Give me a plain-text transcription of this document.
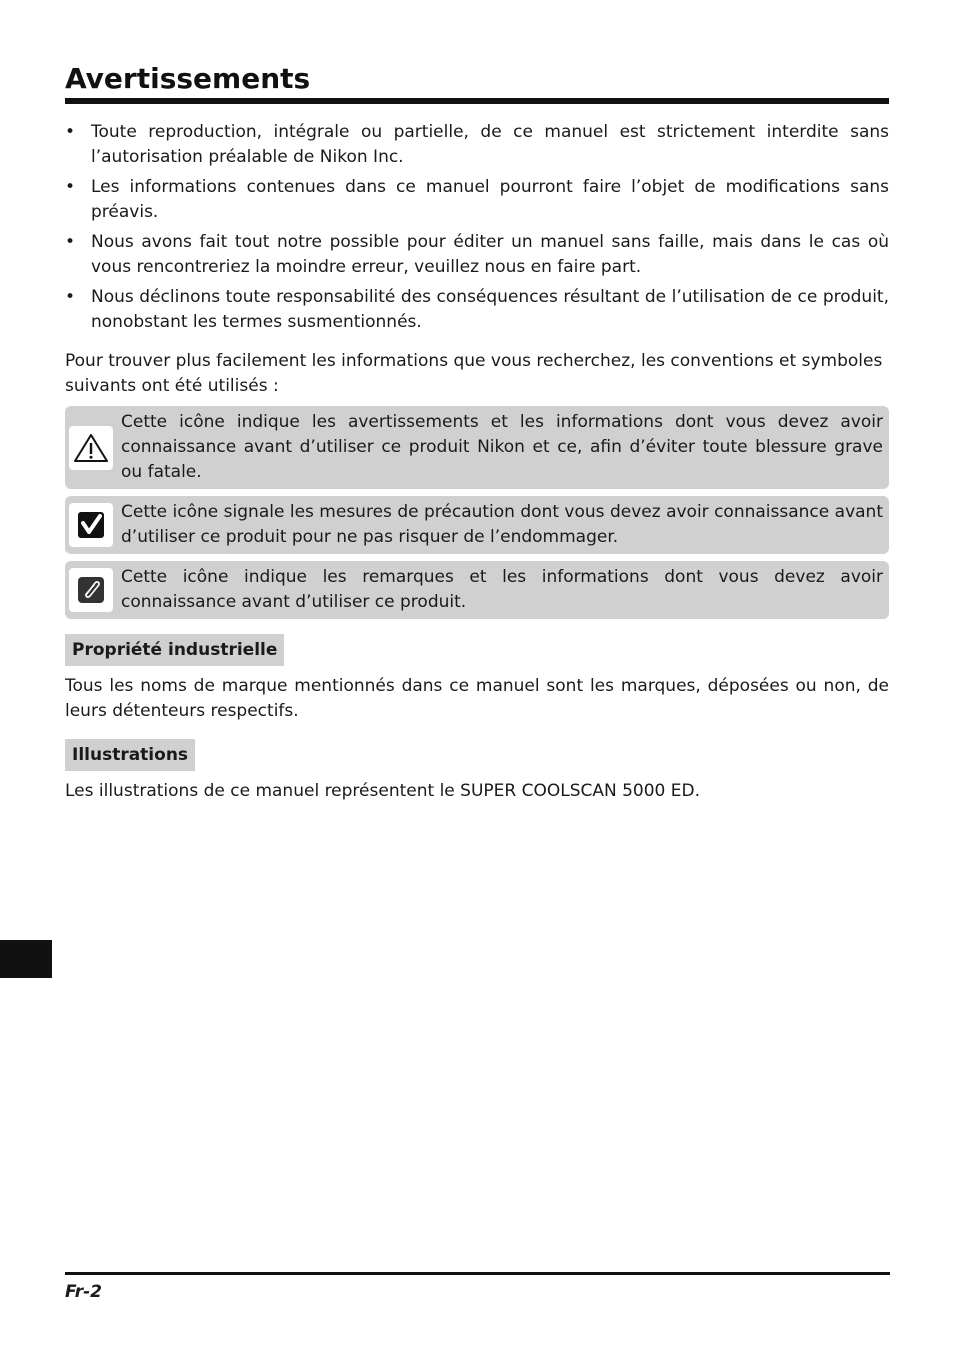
Avertissements
• Toute reproduction, intégrale ou partielle, de ce manuel est strictement interdite sans l’autorisation préalable de Nikon Inc.
• Les informations contenues dans ce manuel pourront faire l’objet de modifications sans préavis.
• Nous avons fait tout notre possible pour éditer un manuel sans faille, mais dans le cas où vous rencontreriez la moindre erreur, veuillez nous en faire part.
• Nous déclinons toute responsabilité des conséquences résultant de l’utilisation de ce produit, nonobstant les termes susmentionnés.

Pour trouver plus facilement les informations que vous recherchez, les conventions et symboles suivants ont été utilisés :

Cette icône indique les avertissements et les informations dont vous devez avoir connaissance avant d’utiliser ce produit Nikon et ce, afin d’éviter toute blessure grave ou fatale.

Cette icône signale les mesures de précaution dont vous devez avoir connaissance avant d’utiliser ce produit pour ne pas risquer de l’endommager.

Cette icône indique les remarques et les informations dont vous devez avoir connaissance avant d’utiliser ce produit.

Propriété industrielle

Tous les noms de marque mentionnés dans ce manuel sont les marques, déposées ou non, de leurs détenteurs respectifs.

Illustrations

Les illustrations de ce manuel représentent le SUPER COOLSCAN 5000 ED.

Fr-2
